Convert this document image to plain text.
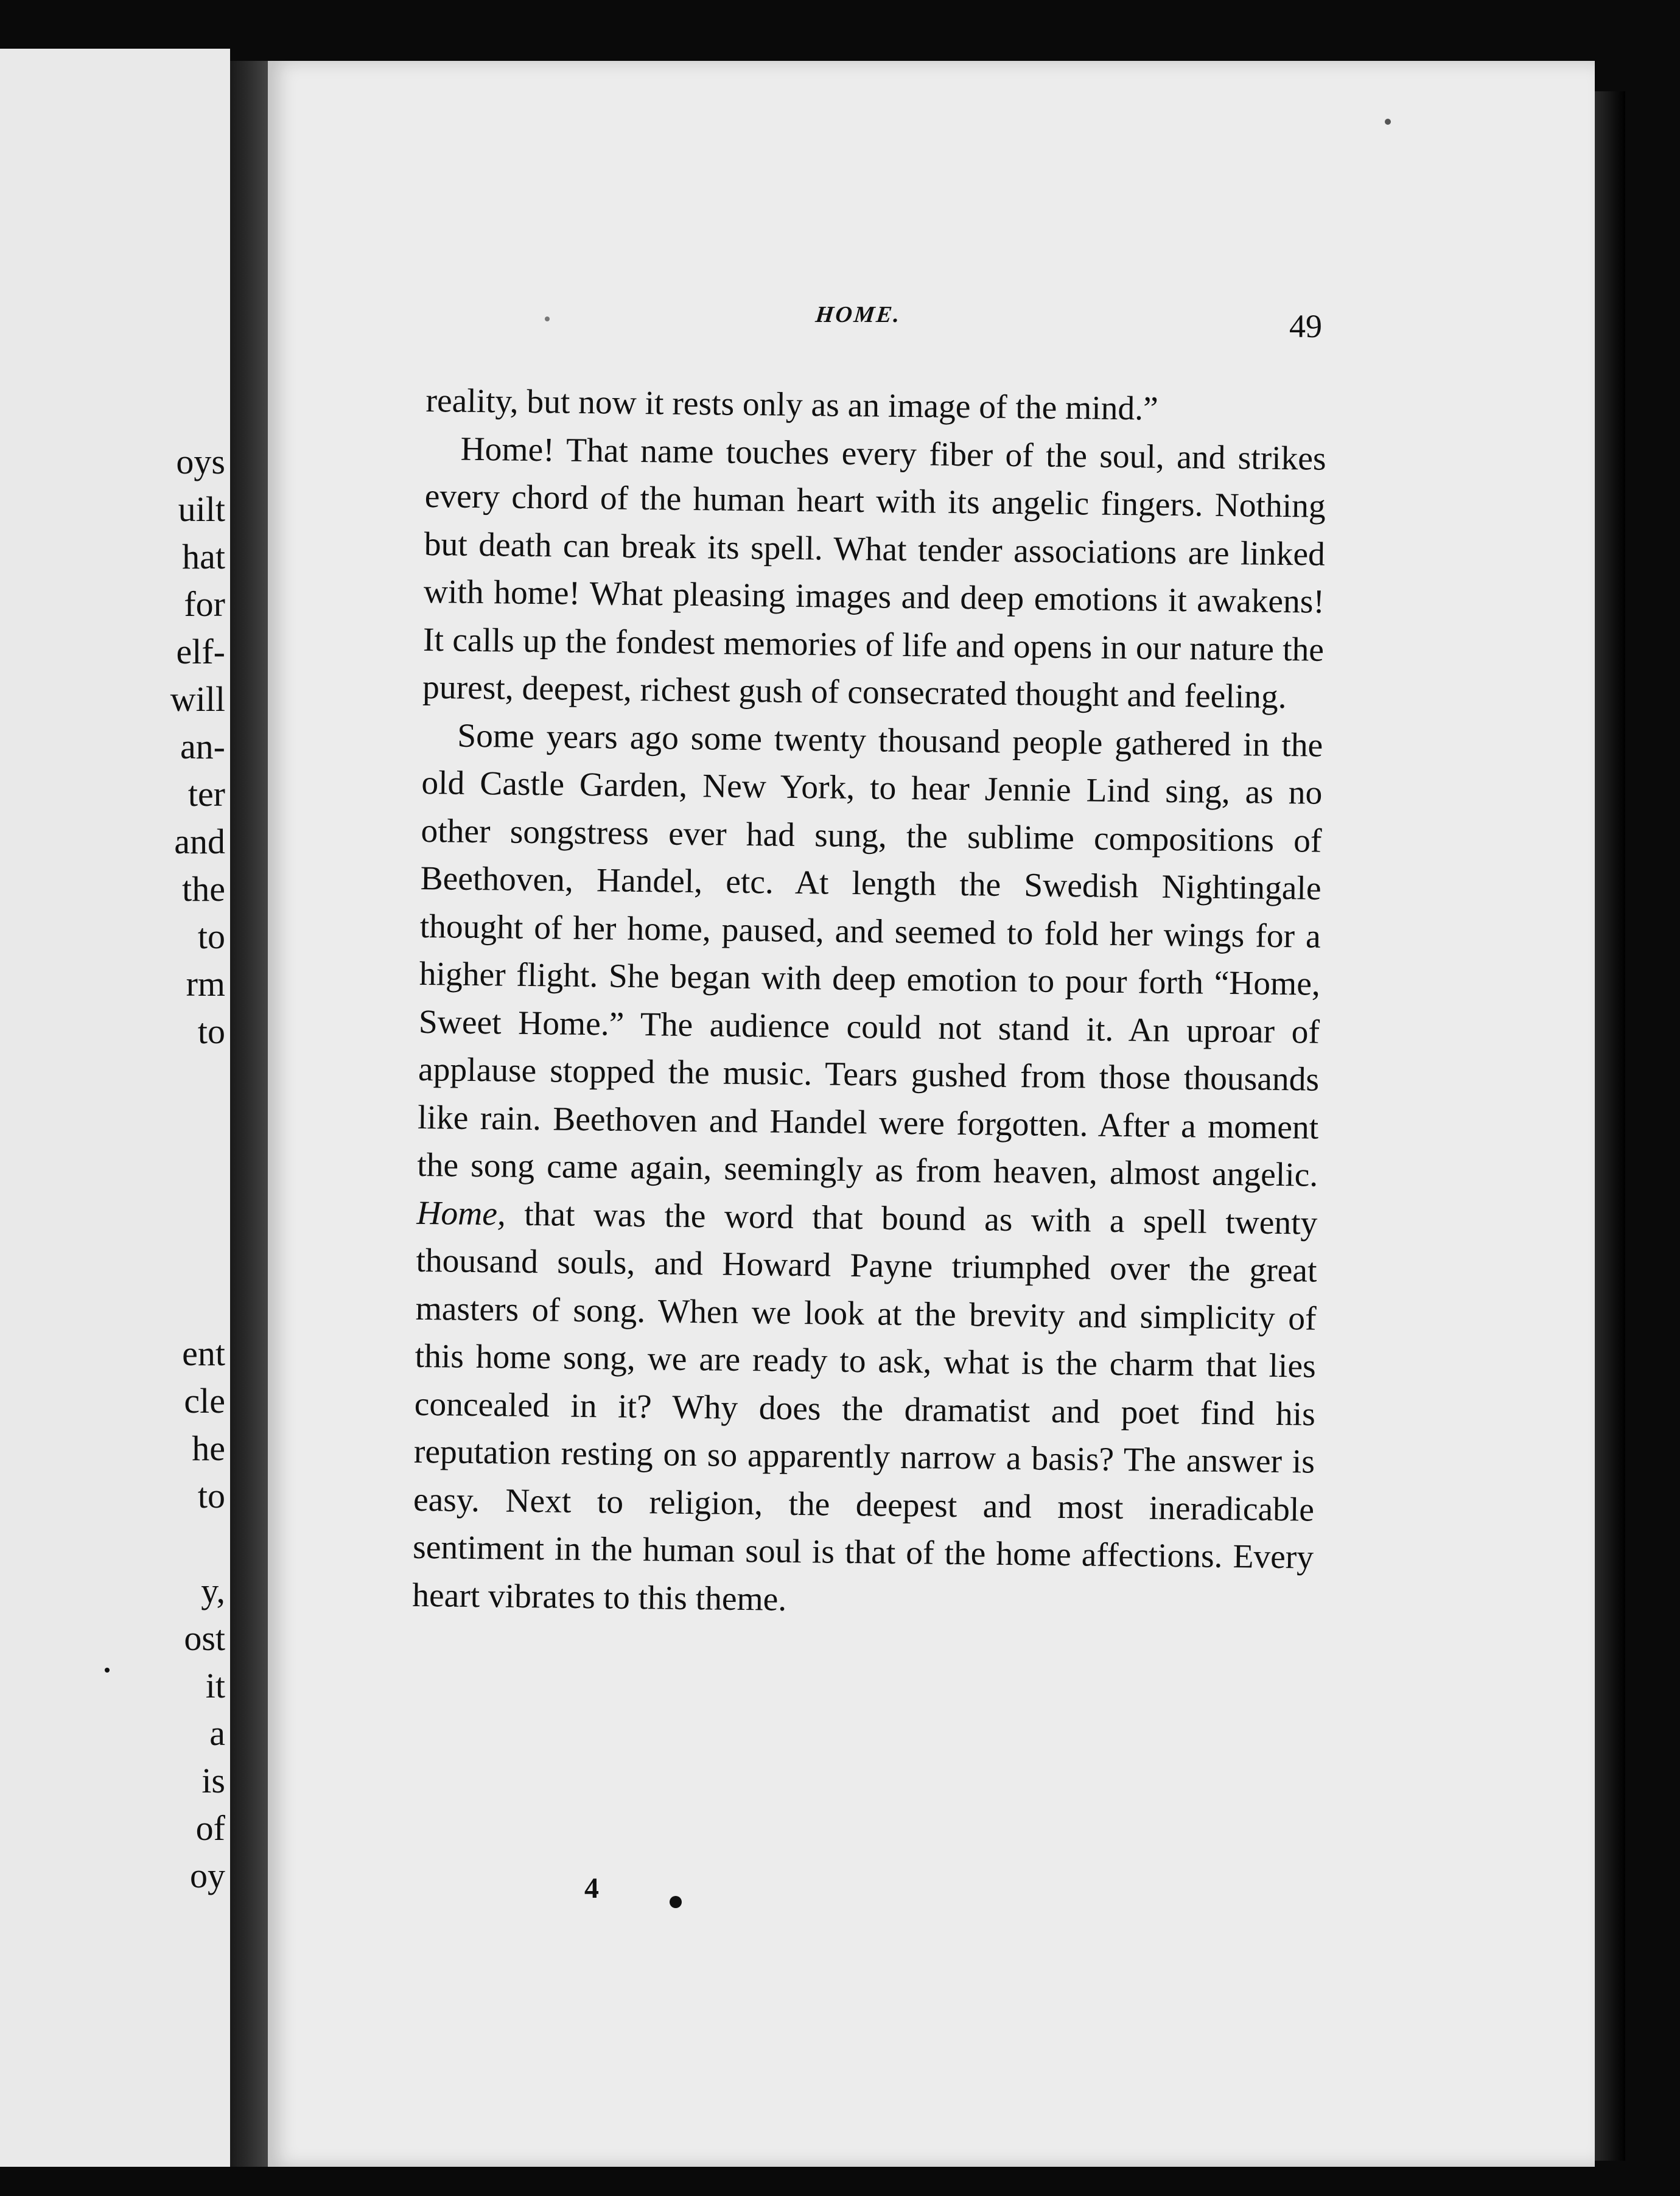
oys
uilt
hat
for
elf-
will
an-
ter
and
the
to
rm
to
ent
cle
he
to
y,
ost
it
a
is
of
oy
HOME.	49

reality, but now it rests only as an image of the mind.”

Home! That name touches every fiber of the soul, and strikes every chord of the human heart with its angelic fingers. Nothing but death can break its spell. What tender associations are linked with home! What pleasing images and deep emotions it awakens! It calls up the fondest memories of life and opens in our nature the purest, deepest, richest gush of consecrated thought and feeling.

Some years ago some twenty thousand people gathered in the old Castle Garden, New York, to hear Jennie Lind sing, as no other songstress ever had sung, the sublime compositions of Beethoven, Handel, etc. At length the Swedish Nightingale thought of her home, paused, and seemed to fold her wings for a higher flight. She began with deep emotion to pour forth “Home, Sweet Home.” The audience could not stand it. An uproar of applause stopped the music. Tears gushed from those thousands like rain. Beethoven and Handel were forgotten. After a moment the song came again, seemingly as from heaven, almost angelic. Home, that was the word that bound as with a spell twenty thousand souls, and Howard Payne triumphed over the great masters of song. When we look at the brevity and simplicity of this home song, we are ready to ask, what is the charm that lies concealed in it? Why does the dramatist and poet find his reputation resting on so apparently narrow a basis? The answer is easy. Next to religion, the deepest and most ineradicable sentiment in the human soul is that of the home affections. Every heart vibrates to this theme.

4
